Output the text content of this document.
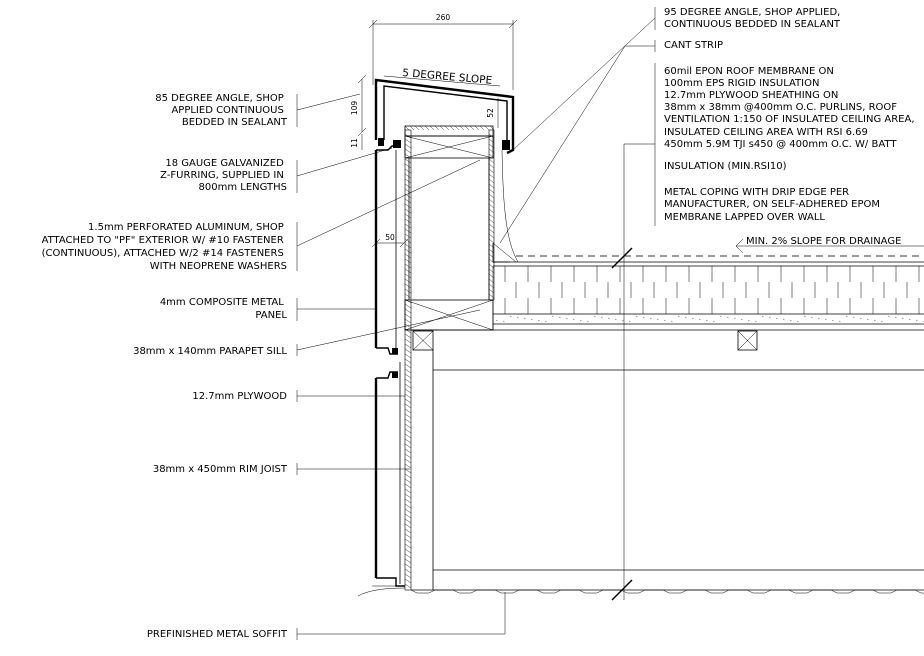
85 DEGREE ANGLE, SHOP APPLIED CONTINUOUS BEDDED IN SEALANT
18 GAUGE GALVANIZED Z-FURRING, SUPPLIED IN 800mm LENGTHS
1.5mm PERFORATED ALUMINUM, SHOP ATTACHED TO "PF" EXTERIOR W/ #10 FASTENER (CONTINUOUS), ATTACHED W/2 #14 FASTENERS WITH NEOPRENE WASHERS
4mm COMPOSITE METAL PANEL
38mm x 140mm PARAPET SILL
12.7mm PLYWOOD
38mm x 450mm RIM JOIST
PREFINISHED METAL SOFFIT
95 DEGREE ANGLE, SHOP APPLIED, CONTINUOUS BEDDED IN SEALANT
CANT STRIP
60mil EPON ROOF MEMBRANE ON 100mm EPS RIGID INSULATION 12.7mm PLYWOOD SHEATHING ON 38mm x 38mm @400mm O.C. PURLINS, ROOF VENTILATION 1:150 OF INSULATED CEILING AREA, INSULATED CEILING AREA WITH RSI 6.69 450mm 5.9M TJI s450 @ 400mm O.C. W/ BATT INSULATION (MIN.RSI10)
METAL COPING WITH DRIP EDGE PER MANUFACTURER, ON SELF-ADHERED EPOM MEMBRANE LAPPED OVER WALL
MIN. 2% SLOPE FOR DRAINAGE
260
109
11
52
50
5 DEGREE SLOPE
